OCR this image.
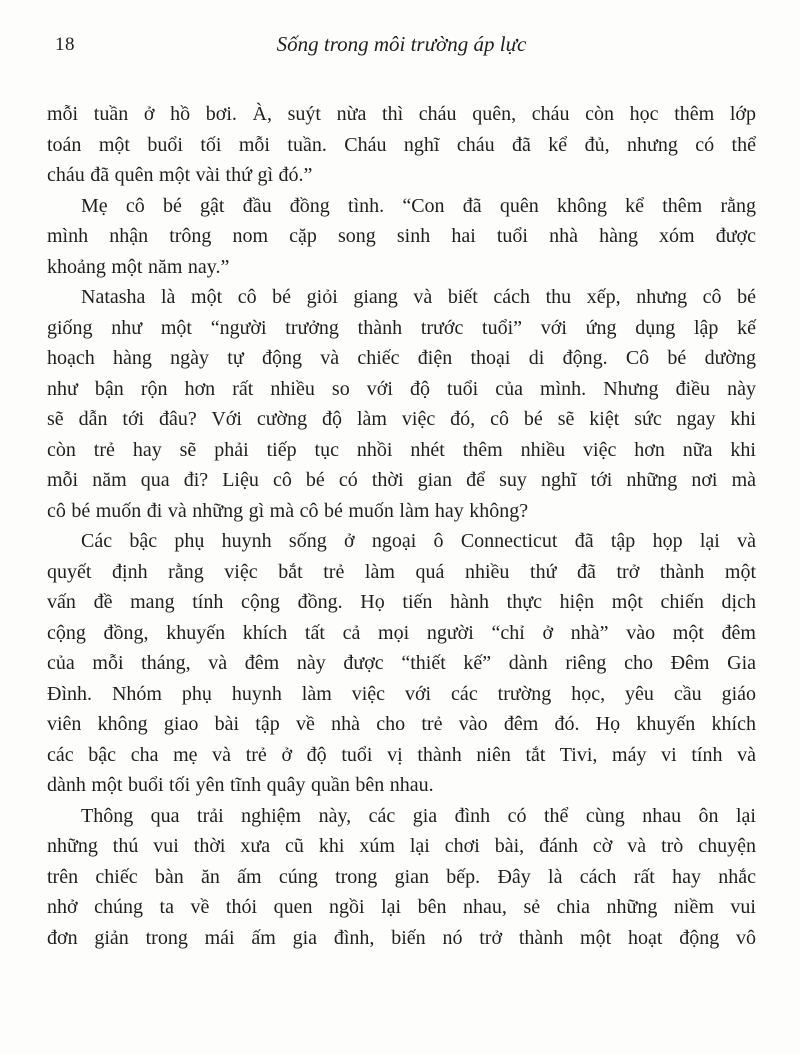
18	Sống trong môi trường áp lực
mỗi tuần ở hồ bơi. À, suýt nừa thì cháu quên, cháu còn học thêm lớp
toán một buổi tối mỗi tuần. Cháu nghĩ cháu đã kể đủ, nhưng có thể
cháu đã quên một vài thứ gì đó.”
Mẹ cô bé gật đầu đồng tình. “Con đã quên không kể thêm rằng
mình nhận trông nom cặp song sinh hai tuổi nhà hàng xóm được
khoảng một năm nay.”
Natasha là một cô bé giỏi giang và biết cách thu xếp, nhưng cô bé
giống như một “người trưởng thành trước tuổi” với ứng dụng lập kế
hoạch hàng ngày tự động và chiếc điện thoại di động. Cô bé dường
như bận rộn hơn rất nhiều so với độ tuổi của mình. Nhưng điều này
sẽ dẫn tới đâu? Với cường độ làm việc đó, cô bé sẽ kiệt sức ngay khi
còn trẻ hay sẽ phải tiếp tục nhồi nhét thêm nhiều việc hơn nữa khi
mỗi năm qua đi? Liệu cô bé có thời gian để suy nghĩ tới những nơi mà
cô bé muốn đi và những gì mà cô bé muốn làm hay không?
Các bậc phụ huynh sống ở ngoại ô Connecticut đã tập họp lại và
quyết định rằng việc bắt trẻ làm quá nhiều thứ đã trở thành một
vấn đề mang tính cộng đồng. Họ tiến hành thực hiện một chiến dịch
cộng đồng, khuyến khích tất cả mọi người “chỉ ở nhà” vào một đêm
của mỗi tháng, và đêm này được “thiết kế” dành riêng cho Đêm Gia
Đình. Nhóm phụ huynh làm việc với các trường học, yêu cầu giáo
viên không giao bài tập về nhà cho trẻ vào đêm đó. Họ khuyến khích
các bậc cha mẹ và trẻ ở độ tuổi vị thành niên tắt Tivi, máy vi tính và
dành một buổi tối yên tĩnh quây quần bên nhau.
Thông qua trải nghiệm này, các gia đình có thể cùng nhau ôn lại
những thú vui thời xưa cũ khi xúm lại chơi bài, đánh cờ và trò chuyện
trên chiếc bàn ăn ấm cúng trong gian bếp. Đây là cách rất hay nhắc
nhở chúng ta về thói quen ngồi lại bên nhau, sẻ chia những niềm vui
đơn giản trong mái ấm gia đình, biến nó trở thành một hoạt động vô
